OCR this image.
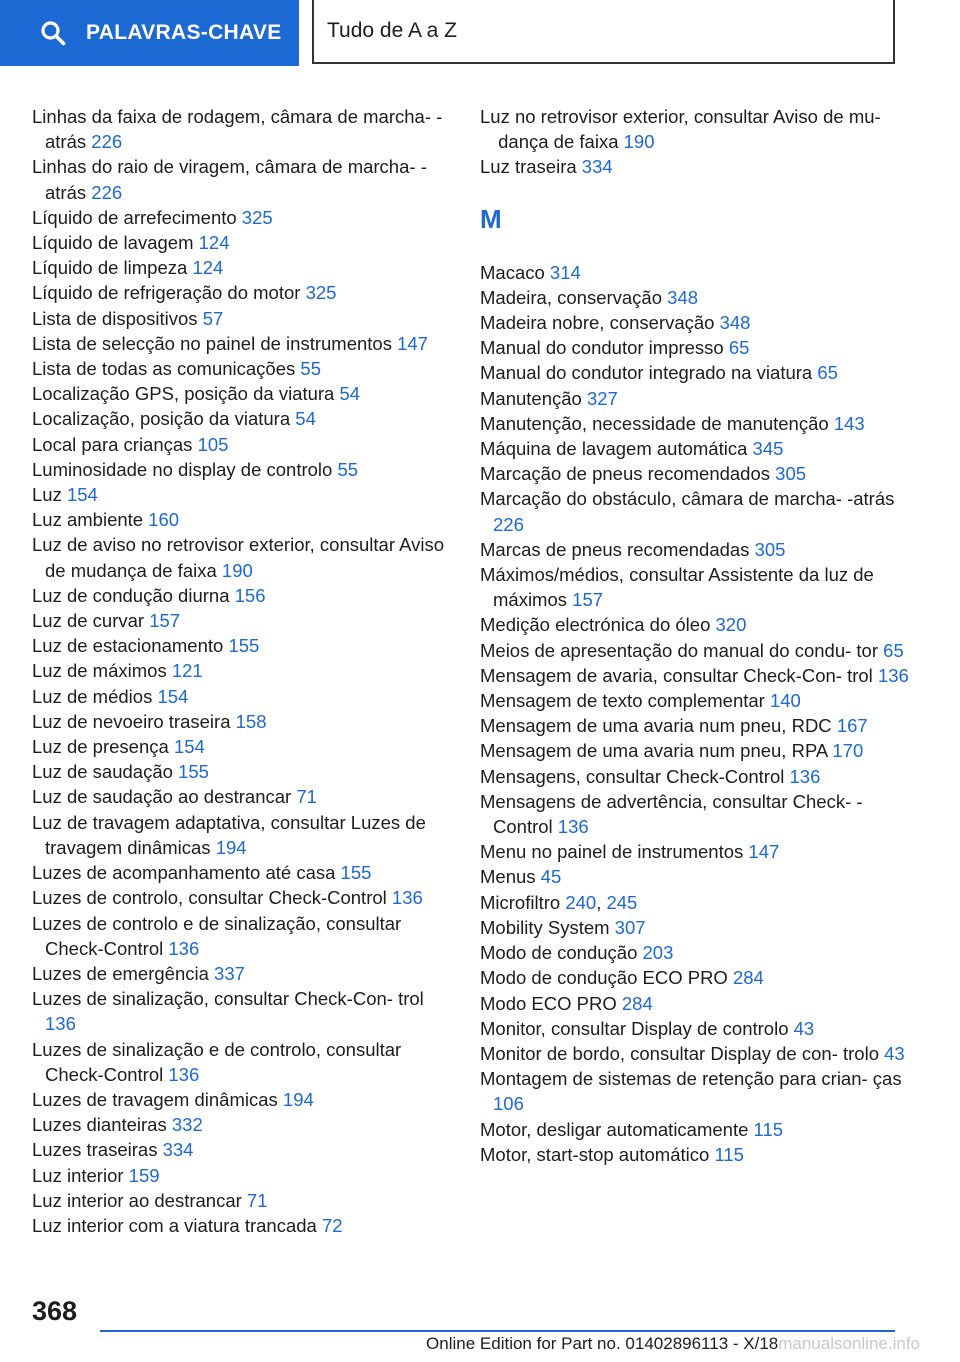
PALAVRAS-CHAVE	Tudo de A a Z
Linhas da faixa de rodagem, câmara de marcha- -atrás 226
Linhas do raio de viragem, câmara de marcha- -atrás 226
Líquido de arrefecimento 325
Líquido de lavagem 124
Líquido de limpeza 124
Líquido de refrigeração do motor 325
Lista de dispositivos 57
Lista de selecção no painel de instrumentos 147
Lista de todas as comunicações 55
Localização GPS, posição da viatura 54
Localização, posição da viatura 54
Local para crianças 105
Luminosidade no display de controlo 55
Luz 154
Luz ambiente 160
Luz de aviso no retrovisor exterior, consultar Aviso de mudança de faixa 190
Luz de condução diurna 156
Luz de curvar 157
Luz de estacionamento 155
Luz de máximos 121
Luz de médios 154
Luz de nevoeiro traseira 158
Luz de presença 154
Luz de saudação 155
Luz de saudação ao destrancar 71
Luz de travagem adaptativa, consultar Luzes de travagem dinâmicas 194
Luzes de acompanhamento até casa 155
Luzes de controlo, consultar Check-Control 136
Luzes de controlo e de sinalização, consultar Check-Control 136
Luzes de emergência 337
Luzes de sinalização, consultar Check-Con- trol 136
Luzes de sinalização e de controlo, consultar Check-Control 136
Luzes de travagem dinâmicas 194
Luzes dianteiras 332
Luzes traseiras 334
Luz interior 159
Luz interior ao destrancar 71
Luz interior com a viatura trancada 72
Luz no retrovisor exterior, consultar Aviso de mu- dança de faixa 190
Luz traseira 334
M
Macaco 314
Madeira, conservação 348
Madeira nobre, conservação 348
Manual do condutor impresso 65
Manual do condutor integrado na viatura 65
Manutenção 327
Manutenção, necessidade de manutenção 143
Máquina de lavagem automática 345
Marcação de pneus recomendados 305
Marcação do obstáculo, câmara de marcha- -atrás 226
Marcas de pneus recomendadas 305
Máximos/médios, consultar Assistente da luz de máximos 157
Medição electrónica do óleo 320
Meios de apresentação do manual do condu- tor 65
Mensagem de avaria, consultar Check-Con- trol 136
Mensagem de texto complementar 140
Mensagem de uma avaria num pneu, RDC 167
Mensagem de uma avaria num pneu, RPA 170
Mensagens, consultar Check-Control 136
Mensagens de advertência, consultar Check- -Control 136
Menu no painel de instrumentos 147
Menus 45
Microfiltro 240, 245
Mobility System 307
Modo de condução 203
Modo de condução ECO PRO 284
Modo ECO PRO 284
Monitor, consultar Display de controlo 43
Monitor de bordo, consultar Display de con- trolo 43
Montagem de sistemas de retenção para crian- ças 106
Motor, desligar automaticamente 115
Motor, start-stop automático 115
368
Online Edition for Part no. 01402896113 - X/18manualsonline.info
